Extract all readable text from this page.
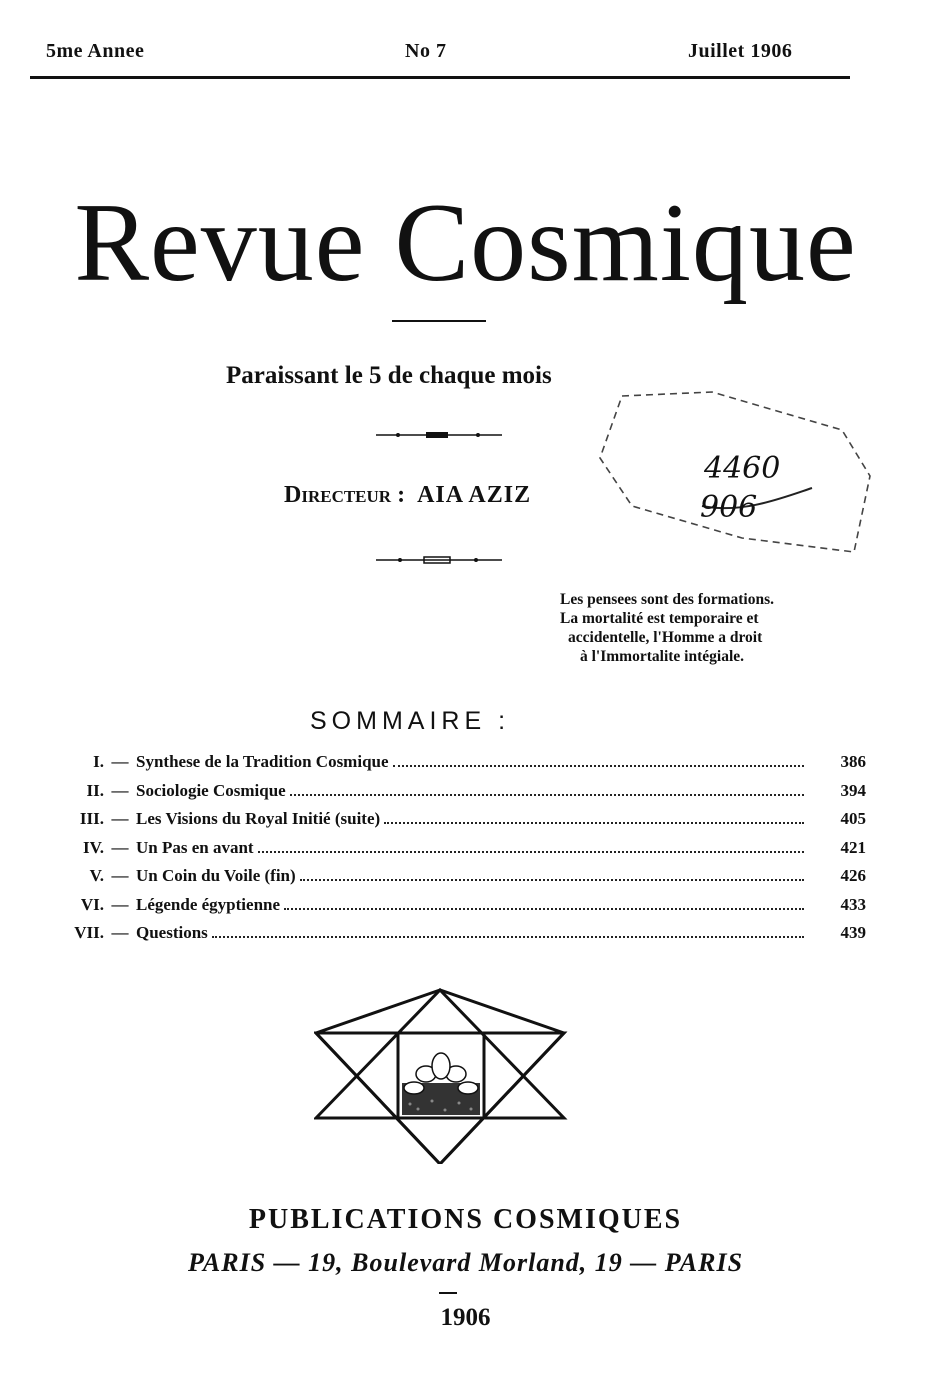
5me Annee	No 7	Juillet 1906
Revue Cosmique
Paraissant le 5 de chaque mois
Directeur : AIA AZIZ
4460
906
Les pensees sont des formations.
La mortalité est temporaire et
accidentelle, l'Homme a droit
à l'Immortalite intégiale.
SOMMAIRE :
I. — Synthese de la Tradition Cosmique	386
II. — Sociologie Cosmique	394
III. — Les Visions du Royal Initié (suite)	405
IV. — Un Pas en avant	421
V. — Un Coin du Voile (fin)	426
VI. — Légende égyptienne	433
VII. — Questions	439
PUBLICATIONS COSMIQUES
PARIS — 19, Boulevard Morland, 19 — PARIS
1906
